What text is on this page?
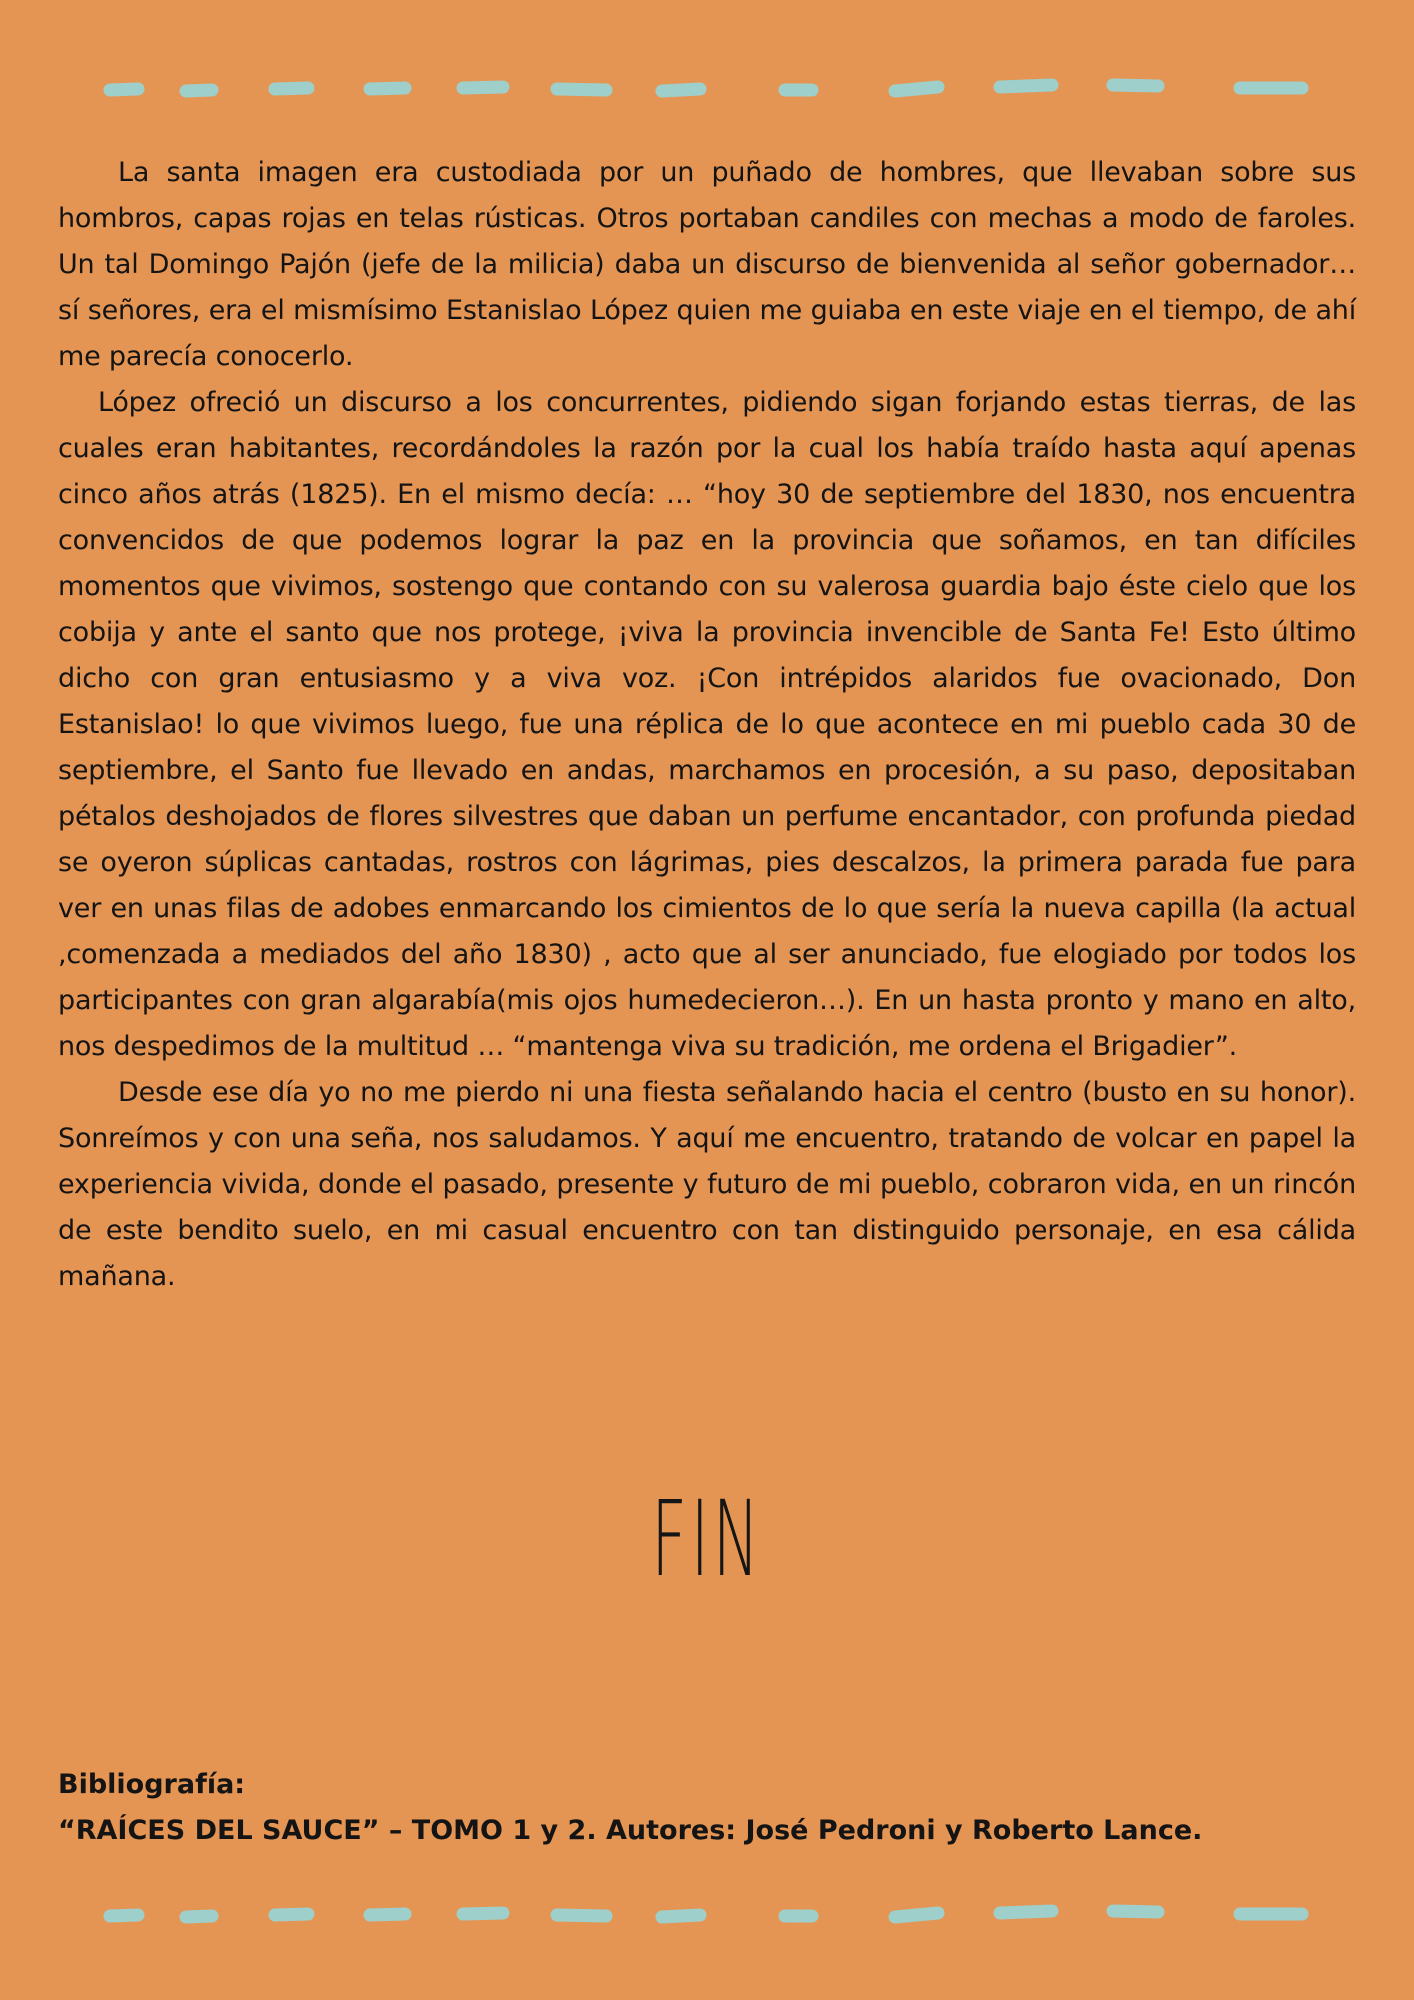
La santa imagen era custodiada por un puñado de hombres, que llevaban sobre sus hombros, capas rojas en telas rústicas. Otros portaban candiles con mechas a modo de faroles. Un tal Domingo Pajón (jefe de la milicia) daba un discurso de bienvenida al señor gobernador… sí señores, era el mismísimo Estanislao López quien me guiaba en este viaje en el tiempo, de ahí me parecía conocerlo.

López ofreció un discurso a los concurrentes, pidiendo sigan forjando estas tierras, de las cuales eran habitantes, recordándoles la razón por la cual los había traído hasta aquí apenas cinco años atrás (1825). En el mismo decía: … “hoy 30 de septiembre del 1830, nos encuentra convencidos de que podemos lograr la paz en la provincia que soñamos, en tan difíciles momentos que vivimos, sostengo que contando con su valerosa guardia bajo éste cielo que los cobija y ante el santo que nos protege, ¡viva la provincia invencible de Santa Fe! Esto último dicho con gran entusiasmo y a viva voz. ¡Con intrépidos alaridos fue ovacionado, Don Estanislao! lo que vivimos luego, fue una réplica de lo que acontece en mi pueblo cada 30 de septiembre, el Santo fue llevado en andas, marchamos en procesión, a su paso, depositaban pétalos deshojados de flores silvestres que daban un perfume encantador, con profunda piedad se oyeron súplicas cantadas, rostros con lágrimas, pies descalzos, la primera parada fue para ver en unas filas de adobes enmarcando los cimientos de lo que sería la nueva capilla (la actual ,comenzada a mediados del año 1830) , acto que al ser anunciado, fue elogiado por todos los participantes con gran algarabía(mis ojos humedecieron…). En un hasta pronto y mano en alto, nos despedimos de la multitud … “mantenga viva su tradición, me ordena el Brigadier”.

Desde ese día yo no me pierdo ni una fiesta señalando hacia el centro (busto en su honor). Sonreímos y con una seña, nos saludamos. Y aquí me encuentro, tratando de volcar en papel la experiencia vivida, donde el pasado, presente y futuro de mi pueblo, cobraron vida, en un rincón de este bendito suelo, en mi casual encuentro con tan distinguido personaje, en esa cálida mañana.

FIN
Bibliografía:
“RAÍCES DEL SAUCE” – TOMO 1 y 2. Autores: José Pedroni y Roberto Lance.
